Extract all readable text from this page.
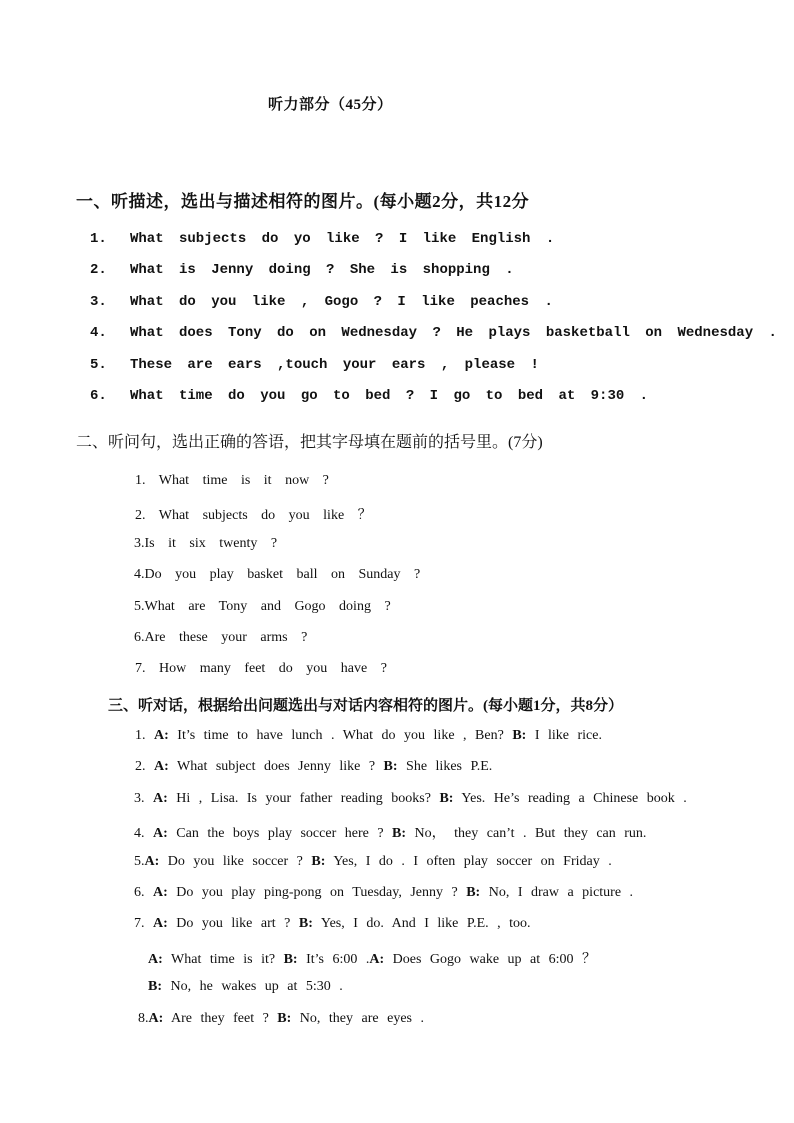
听力部分（45分）
一、听描述，选出与描述相符的图片。(每小题2分，共12分
1. What subjects do yo like ? I like English .
2. What is Jenny doing ? She is shopping .
3. What do you like , Gogo ? I like peaches .
4. What does Tony do on Wednesday ? He plays basketball on Wednesday .
5. These are ears ,touch your ears , please !
6. What time do you go to bed ? I go to bed at 9:30 .
二、听问句，选出正确的答语，把其字母填在题前的括号里。(7分)
1. What time is it now ?
2. What subjects do you like ？
3.Is it six twenty ?
4.Do you play basket ball on Sunday ?
5.What are Tony and Gogo doing ?
6.Are these your arms ?
7. How many feet do you have ?
三、听对话，根据给出问题选出与对话内容相符的图片。(每小题1分，共8分）
1. A: It’s time to have lunch . What do you like , Ben? B: I like rice.
2. A: What subject does Jenny like ? B: She likes P.E.
3. A: Hi , Lisa. Is your father reading books? B: Yes. He’s reading a Chinese book .
4. A: Can the boys play soccer here ? B: No， they can’t . But they can run.
5.A: Do you like soccer ? B: Yes, I do . I often play soccer on Friday .
6. A: Do you play ping-pong on Tuesday, Jenny ? B: No, I draw a picture .
7. A: Do you like art ? B: Yes, I do. And I like P.E. , too.
A: What time is it? B: It’s 6:00 .A: Does Gogo wake up at 6:00 ？
B: No, he wakes up at 5:30 .
8.A: Are they feet ? B: No, they are eyes .
